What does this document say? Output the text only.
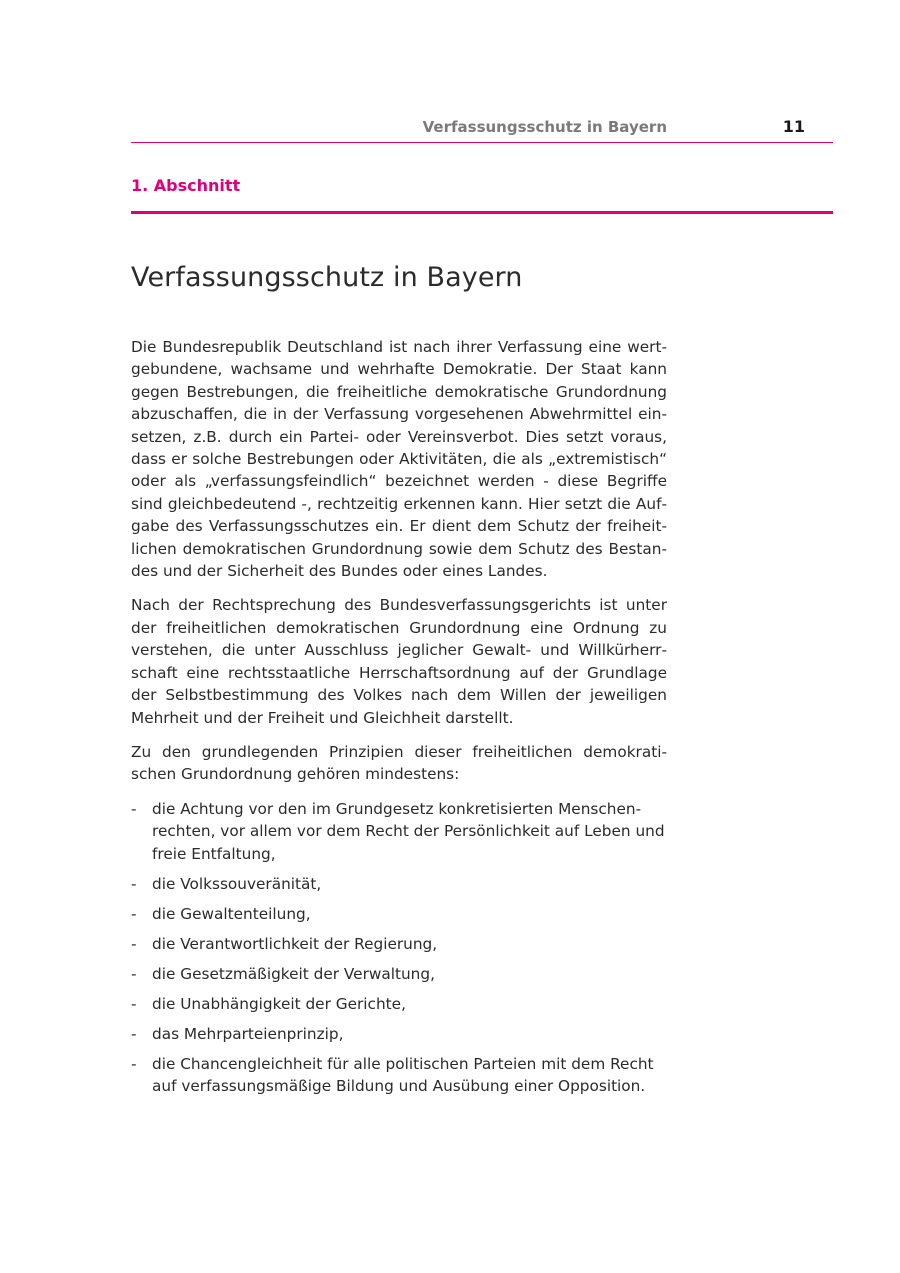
Verfassungsschutz in Bayern	11
1. Abschnitt
Verfassungsschutz in Bayern

Die Bundesrepublik Deutschland ist nach ihrer Verfassung eine wertgebundene, wachsame und wehrhafte Demokratie. Der Staat kann gegen Bestrebungen, die freiheitliche demokratische Grundordnung abzuschaffen, die in der Verfassung vorgesehenen Abwehrmittel einsetzen, z.B. durch ein Partei- oder Vereinsverbot. Dies setzt voraus, dass er solche Bestrebungen oder Aktivitäten, die als „extremistisch“ oder als „verfassungsfeindlich“ bezeichnet werden - diese Begriffe sind gleichbedeutend -, rechtzeitig erkennen kann. Hier setzt die Aufgabe des Verfassungsschutzes ein. Er dient dem Schutz der freiheitlichen demokratischen Grundordnung sowie dem Schutz des Bestandes und der Sicherheit des Bundes oder eines Landes.

Nach der Rechtsprechung des Bundesverfassungsgerichts ist unter der freiheitlichen demokratischen Grundordnung eine Ordnung zu verstehen, die unter Ausschluss jeglicher Gewalt- und Willkürherrschaft eine rechtsstaatliche Herrschaftsordnung auf der Grundlage der Selbstbestimmung des Volkes nach dem Willen der jeweiligen Mehrheit und der Freiheit und Gleichheit darstellt.

Zu den grundlegenden Prinzipien dieser freiheitlichen demokratischen Grundordnung gehören mindestens:

- die Achtung vor den im Grundgesetz konkretisierten Menschenrechten, vor allem vor dem Recht der Persönlichkeit auf Leben und freie Entfaltung,
- die Volkssouveränität,
- die Gewaltenteilung,
- die Verantwortlichkeit der Regierung,
- die Gesetzmäßigkeit der Verwaltung,
- die Unabhängigkeit der Gerichte,
- das Mehrparteienprinzip,
- die Chancengleichheit für alle politischen Parteien mit dem Recht auf verfassungsmäßige Bildung und Ausübung einer Opposition.
